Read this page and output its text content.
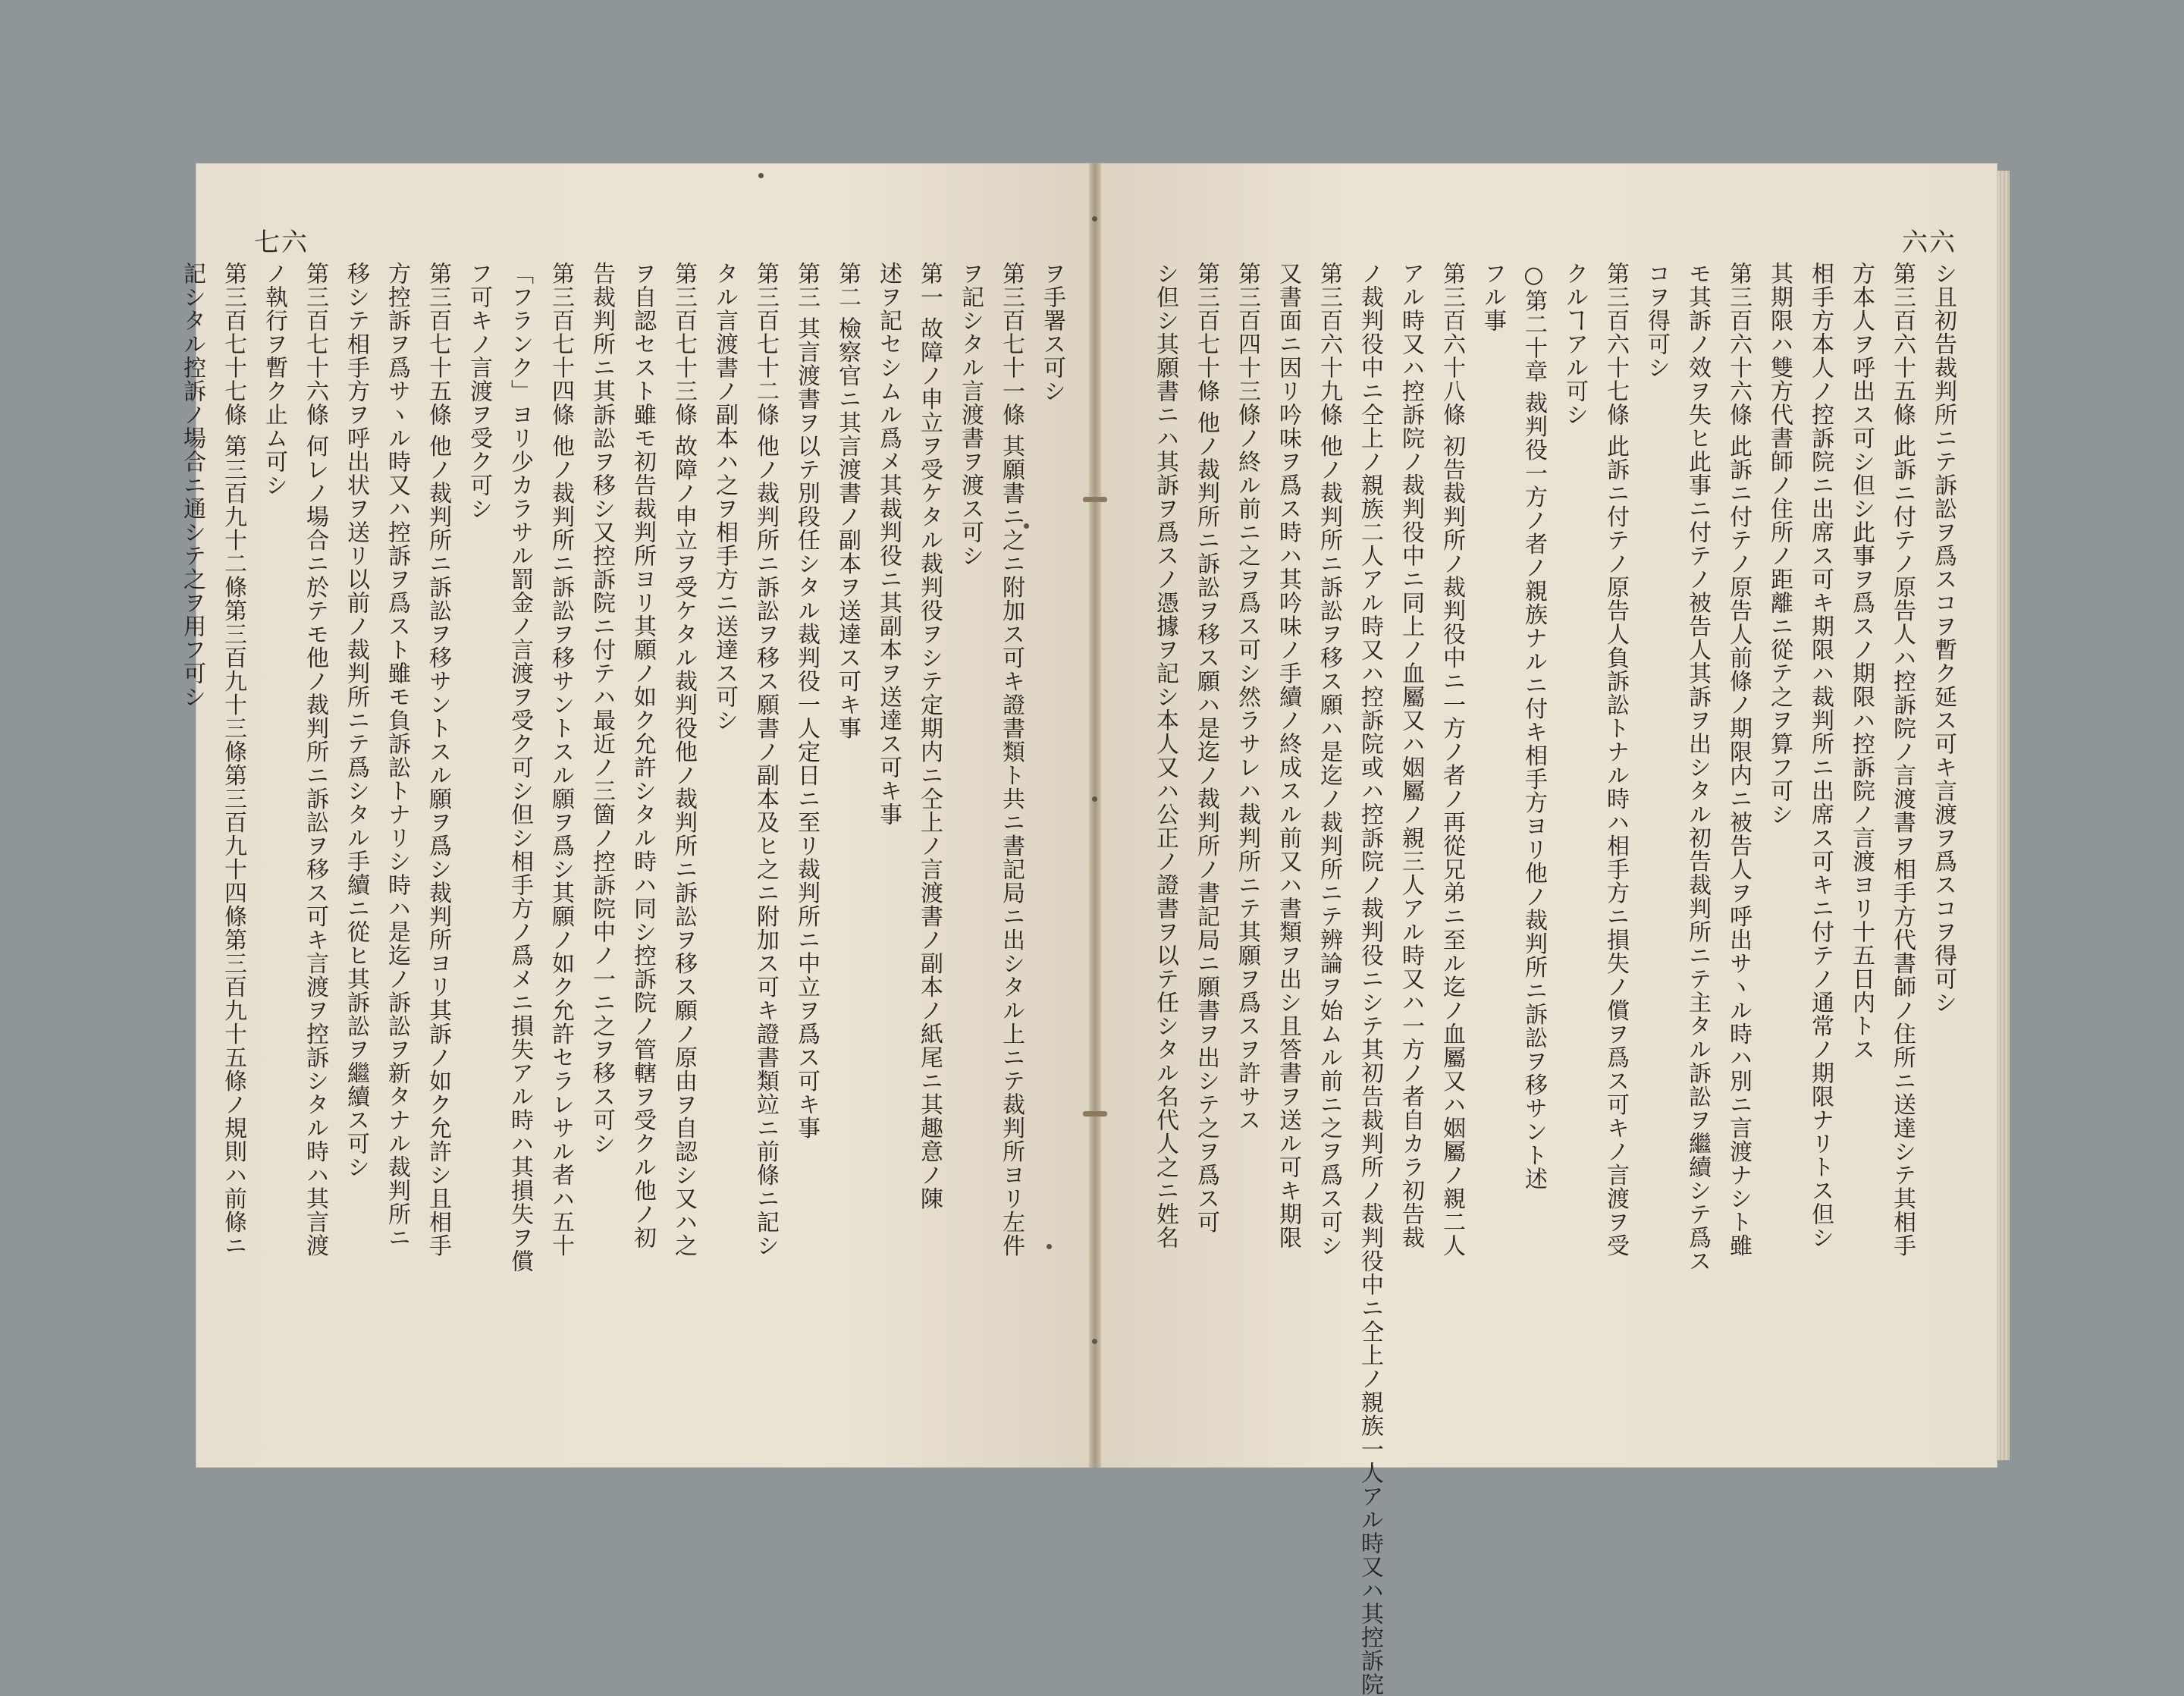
七六	六六
ヲ手署ス可シ
第三百七十一條 其願書ニ之ニ附加ス可キ證書類ト共ニ書記局ニ出シタル上ニテ裁判所ヨリ左件
ヲ記シタル言渡書ヲ渡ス可シ
第一 故障ノ申立ヲ受ケタル裁判役ヲシテ定期内ニ仝上ノ言渡書ノ副本ノ紙尾ニ其趣意ノ陳
述ヲ記セシムル爲メ其裁判役ニ其副本ヲ送達ス可キ事
第二 檢察官ニ其言渡書ノ副本ヲ送達ス可キ事
第三 其言渡書ヲ以テ別段任シタル裁判役一人定日ニ至リ裁判所ニ中立ヲ爲ス可キ事
第三百七十二條 他ノ裁判所ニ訴訟ヲ移ス願書ノ副本及ヒ之ニ附加ス可キ證書類竝ニ前條ニ記シ
タル言渡書ノ副本ハ之ヲ相手方ニ送達ス可シ
第三百七十三條 故障ノ申立ヲ受ケタル裁判役他ノ裁判所ニ訴訟ヲ移ス願ノ原由ヲ自認シ又ハ之
ヲ自認セスト雖モ初告裁判所ヨリ其願ノ如ク允許シタル時ハ同シ控訴院ノ管轄ヲ受クル他ノ初
告裁判所ニ其訴訟ヲ移シ又控訴院ニ付テハ最近ノ三箇ノ控訴院中ノ一ニ之ヲ移ス可シ
第三百七十四條 他ノ裁判所ニ訴訟ヲ移サントスル願ヲ爲シ其願ノ如ク允許セラレサル者ハ五十
「フランク」ヨリ少カラサル罰金ノ言渡ヲ受ク可シ但シ相手方ノ爲メニ損失アル時ハ其損失ヲ償
フ可キノ言渡ヲ受ク可シ
第三百七十五條 他ノ裁判所ニ訴訟ヲ移サントスル願ヲ爲シ裁判所ヨリ其訴ノ如ク允許シ且相手
方控訴ヲ爲サヽル時又ハ控訴ヲ爲スト雖モ負訴訟トナリシ時ハ是迄ノ訴訟ヲ新タナル裁判所ニ
移シテ相手方ヲ呼出状ヲ送リ以前ノ裁判所ニテ爲シタル手續ニ從ヒ其訴訟ヲ繼續ス可シ
第三百七十六條 何レノ場合ニ於テモ他ノ裁判所ニ訴訟ヲ移ス可キ言渡ヲ控訴シタル時ハ其言渡
ノ執行ヲ暫ク止ム可シ
第三百七十七條 第三百九十二條第三百九十三條第三百九十四條第三百九十五條ノ規則ハ前條ニ
記シタル控訴ノ場合ニ通シテ之ヲ用フ可シ	シ且初告裁判所ニテ訴訟ヲ爲スコヲ暫ク延ス可キ言渡ヲ爲スコヲ得可シ
第三百六十五條 此訴ニ付テノ原告人ハ控訴院ノ言渡書ヲ相手方代書師ノ住所ニ送達シテ其相手
方本人ヲ呼出ス可シ但シ此事ヲ爲スノ期限ハ控訴院ノ言渡ヨリ十五日内トス
相手方本人ノ控訴院ニ出席ス可キ期限ハ裁判所ニ出席ス可キニ付テノ通常ノ期限ナリトス但シ
其期限ハ雙方代書師ノ住所ノ距離ニ從テ之ヲ算フ可シ
第三百六十六條 此訴ニ付テノ原告人前條ノ期限内ニ被告人ヲ呼出サヽル時ハ別ニ言渡ナシト雖
モ其訴ノ效ヲ失ヒ此事ニ付テノ被告人其訴ヲ出シタル初告裁判所ニテ主タル訴訟ヲ繼續シテ爲ス
コヲ得可シ
第三百六十七條 此訴ニ付テノ原告人負訴訟トナル時ハ相手方ニ損失ノ償ヲ爲ス可キノ言渡ヲ受
クルヿアル可シ
○第二十章 裁判役一方ノ者ノ親族ナルニ付キ相手方ヨリ他ノ裁判所ニ訴訟ヲ移サント述
フル事
第三百六十八條 初告裁判所ノ裁判役中ニ一方ノ者ノ再從兄弟ニ至ル迄ノ血屬又ハ姻屬ノ親二人
アル時又ハ控訴院ノ裁判役中ニ同上ノ血屬又ハ姻屬ノ親三人アル時又ハ一方ノ者自カラ初告裁
ノ裁判役中ニ仝上ノ親族二人アル時又ハ控訴院或ハ控訴院ノ裁判役ニシテ其初告裁判所ノ裁判役中ニ仝上ノ親族一人アル時又ハ其控訴院
第三百六十九條 他ノ裁判所ニ訴訟ヲ移ス願ハ是迄ノ裁判所ニテ辨論ヲ始ムル前ニ之ヲ爲ス可シ
又書面ニ因リ吟味ヲ爲ス時ハ其吟味ノ手續ノ終成スル前又ハ書類ヲ出シ且答書ヲ送ル可キ期限
第三百四十三條ノ終ル前ニ之ヲ爲ス可シ然ラサレハ裁判所ニテ其願ヲ爲スヲ許サス
第三百七十條 他ノ裁判所ニ訴訟ヲ移ス願ハ是迄ノ裁判所ノ書記局ニ願書ヲ出シテ之ヲ爲ス可
シ但シ其願書ニハ其訴ヲ爲スノ憑據ヲ記シ本人又ハ公正ノ證書ヲ以テ任シタル名代人之ニ姓名
